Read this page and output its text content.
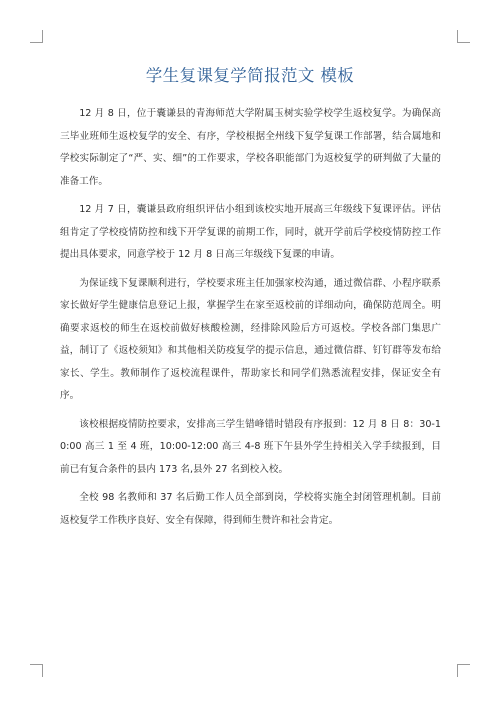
学生复课复学简报范文 模板

12 月 8 日，位于囊谦县的青海师范大学附属玉树实验学校学生返校复学。为确保高三毕业班师生返校复学的安全、有序，学校根据全州线下复学复课工作部署，结合属地和学校实际制定了“严、实、细”的工作要求，学校各职能部门为返校复学的研判做了大量的准备工作。

12 月 7 日，囊谦县政府组织评估小组到该校实地开展高三年级线下复课评估。评估组肯定了学校疫情防控和线下开学复课的前期工作，同时，就开学前后学校疫情防控工作提出具体要求，同意学校于 12 月 8 日高三年级线下复课的申请。

为保证线下复课顺利进行，学校要求班主任加强家校沟通，通过微信群、小程序联系家长做好学生健康信息登记上报，掌握学生在家至返校前的详细动向，确保防范周全。明确要求返校的师生在返校前做好核酸检测，经排除风险后方可返校。学校各部门集思广益，制订了《返校须知》和其他相关防疫复学的提示信息，通过微信群、钉钉群等发布给家长、学生。教师制作了返校流程课件，帮助家长和同学们熟悉流程安排，保证安全有序。

该校根据疫情防控要求，安排高三学生错峰错时错段有序报到：12 月 8 日 8：30-10:00 高三 1 至 4 班，10:00-12:00 高三 4-8 班下午县外学生持相关入学手续报到，目前已有复合条件的县内 173 名,县外 27 名到校入校。

全校 98 名教师和 37 名后勤工作人员全部到岗，学校将实施全封闭管理机制。目前返校复学工作秩序良好、安全有保障，得到师生赞许和社会肯定。
